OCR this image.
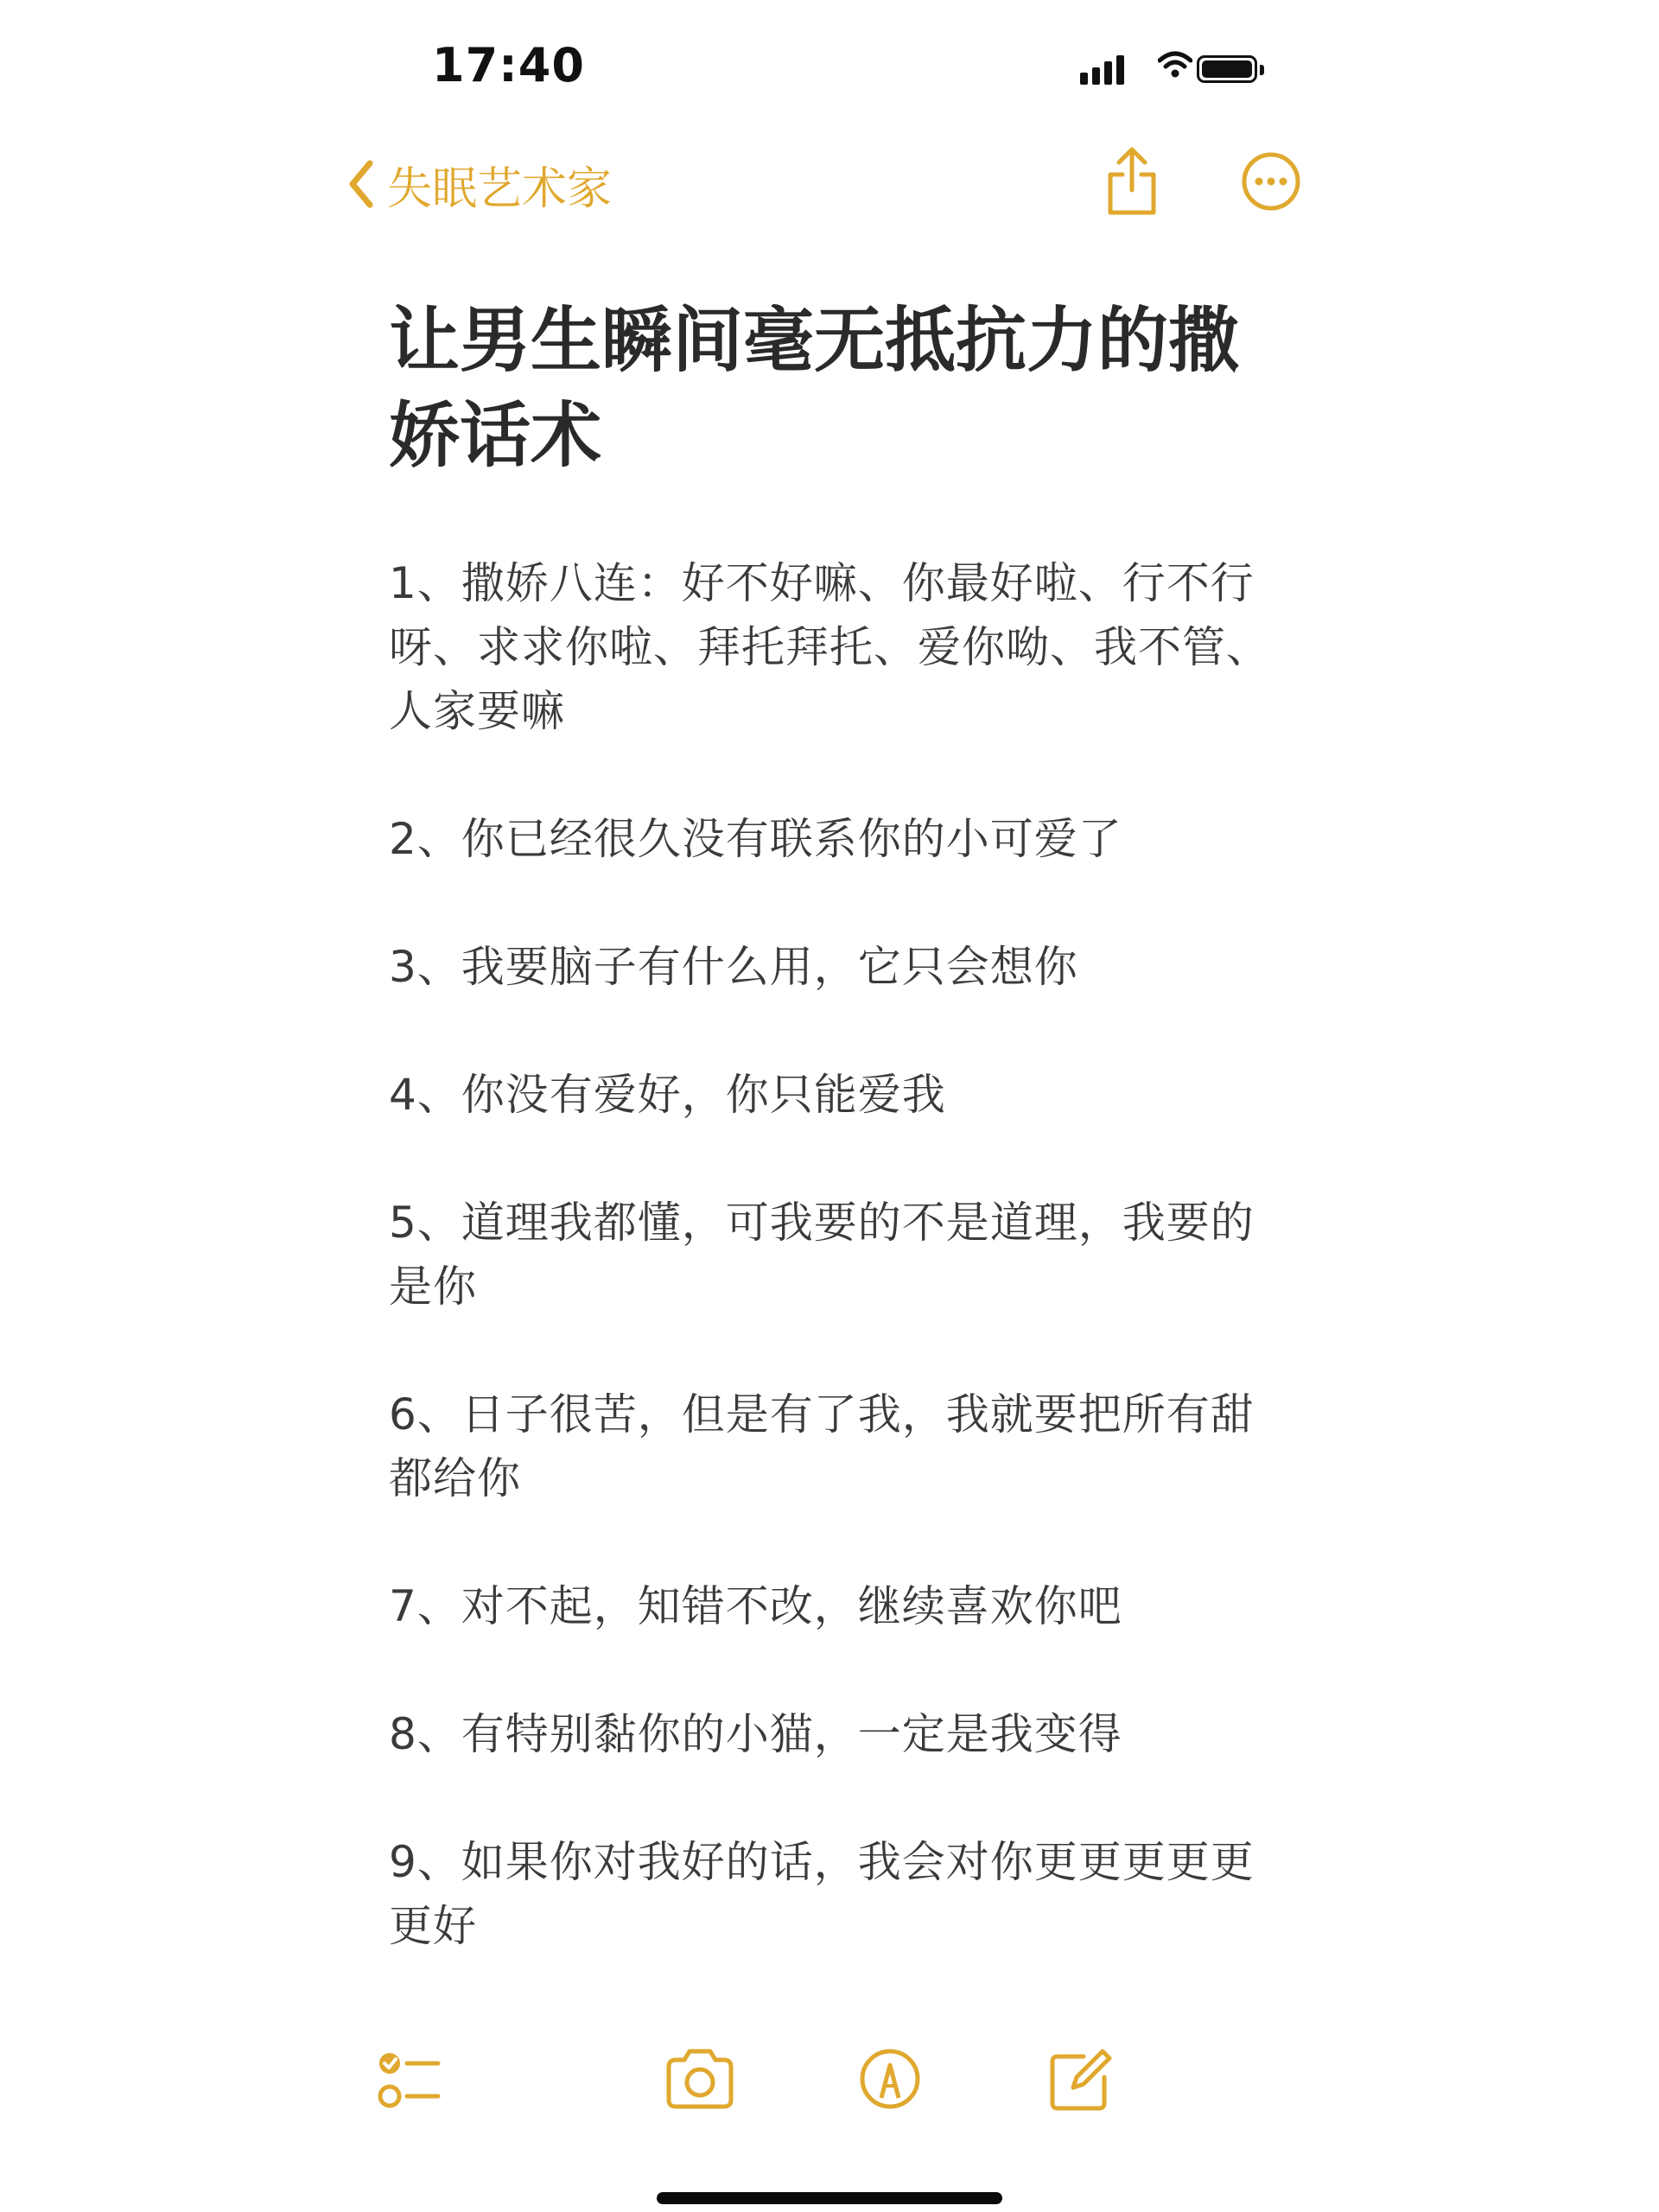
17:40
失眠艺术家
让男生瞬间毫无抵抗力的撒娇话术

1、撒娇八连：好不好嘛、你最好啦、行不行呀、求求你啦、拜托拜托、爱你呦、我不管、人家要嘛

2、你已经很久没有联系你的小可爱了

3、我要脑子有什么用，它只会想你

4、你没有爱好，你只能爱我

5、道理我都懂，可我要的不是道理，我要的是你

6、日子很苦，但是有了我，我就要把所有甜都给你

7、对不起，知错不改，继续喜欢你吧

8、有特别黏你的小猫，一定是我变得

9、如果你对我好的话，我会对你更更更更更更好
